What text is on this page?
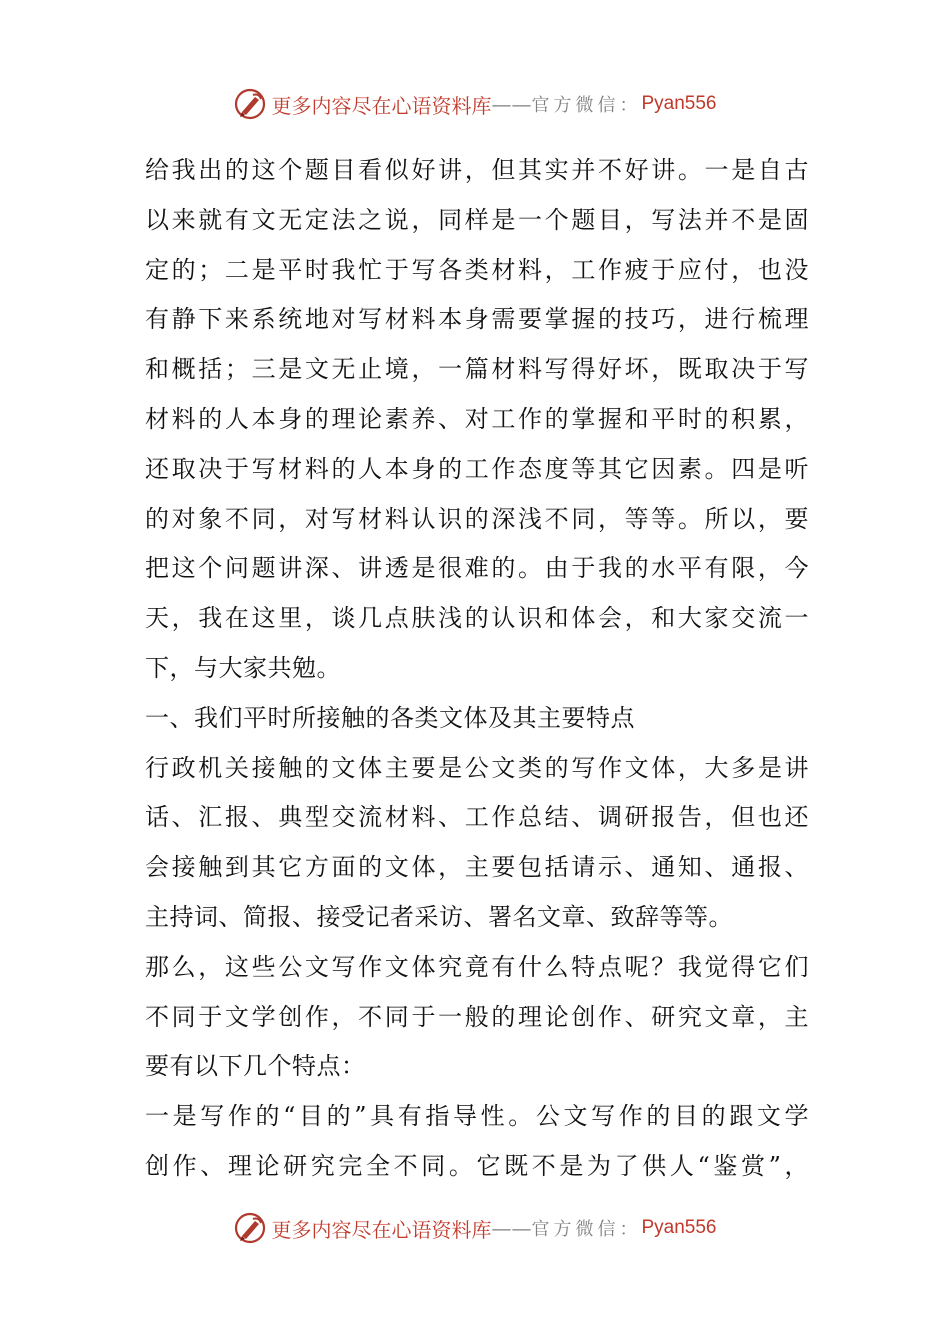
更多内容尽在心语资料库 —— 官方微信： Pyan556
给我出的这个题目看似好讲，但其实并不好讲。一是自古
以来就有文无定法之说，同样是一个题目，写法并不是固
定的；二是平时我忙于写各类材料，工作疲于应付，也没
有静下来系统地对写材料本身需要掌握的技巧，进行梳理
和概括；三是文无止境，一篇材料写得好坏，既取决于写
材料的人本身的理论素养、对工作的掌握和平时的积累，
还取决于写材料的人本身的工作态度等其它因素。四是听
的对象不同，对写材料认识的深浅不同，等等。所以，要
把这个问题讲深、讲透是很难的。由于我的水平有限，今
天，我在这里，谈几点肤浅的认识和体会，和大家交流一
下，与大家共勉。
一、我们平时所接触的各类文体及其主要特点
行政机关接触的文体主要是公文类的写作文体，大多是讲
话、汇报、典型交流材料、工作总结、调研报告，但也还
会接触到其它方面的文体，主要包括请示、通知、通报、
主持词、简报、接受记者采访、署名文章、致辞等等。
那么，这些公文写作文体究竟有什么特点呢？我觉得它们
不同于文学创作，不同于一般的理论创作、研究文章，主
要有以下几个特点：
一是写作的“目的”具有指导性。公文写作的目的跟文学
创作、理论研究完全不同。它既不是为了供人“鉴赏”，
更多内容尽在心语资料库 —— 官方微信： Pyan556
